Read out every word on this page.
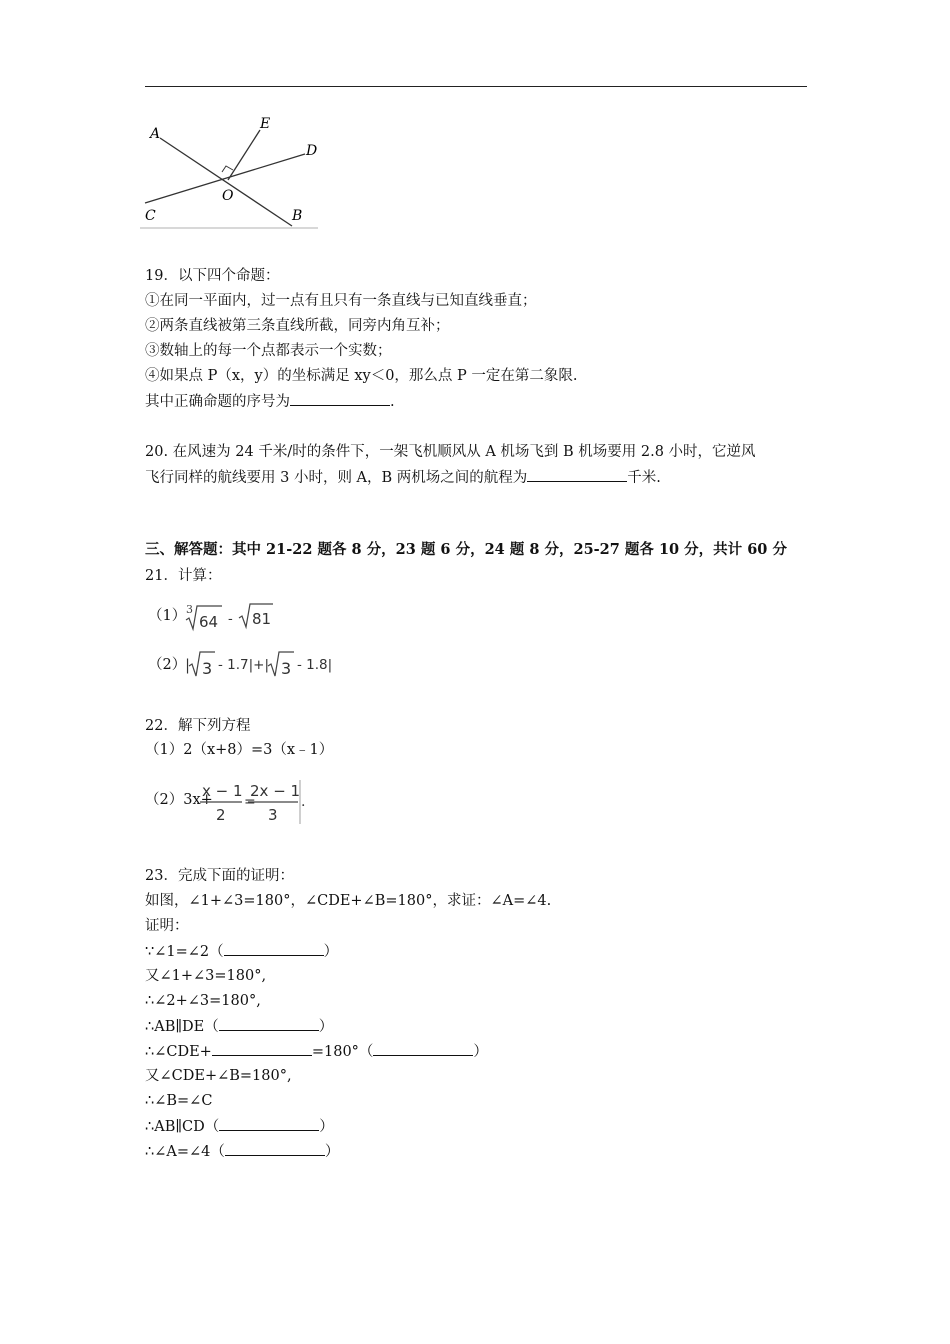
A
E
D
O
C	B
19．以下四个命题：
①在同一平面内，过一点有且只有一条直线与已知直线垂直；
②两条直线被第三条直线所截，同旁内角互补；
③数轴上的每一个点都表示一个实数；
④如果点 P（x，y）的坐标满足 xy＜0，那么点 P 一定在第二象限.
其中正确命题的序号为	.
20. 在风速为 24 千米/时的条件下，一架飞机顺风从 A 机场飞到 B 机场要用 2.8 小时，它逆风
飞行同样的航线要用 3 小时，则 A，B 两机场之间的航程为	千米.
三、解答题：其中 21-22 题各 8 分，23 题 6 分，24 题 8 分，25-27 题各 10 分，共计 60 分
21．计算：
（1） 3
64 - 81
（2）
| 3 - 1.7|+| 3 - 1.8|
22．解下列方程
（1）2（x+8）=3（x﹣1）
（2）3x+
x − 1
2
=
2x − 1
3
.
23．完成下面的证明：
如图，∠1+∠3=180°，∠CDE+∠B=180°，求证：∠A=∠4.
证明：
∵∠1=∠2（	）
又∠1+∠3=180°,
∴∠2+∠3=180°,
∴AB∥DE（	）
∴∠CDE+	=180°（	）
又∠CDE+∠B=180°,
∴∠B=∠C
∴AB∥CD（	）
∴∠A=∠4（	）
